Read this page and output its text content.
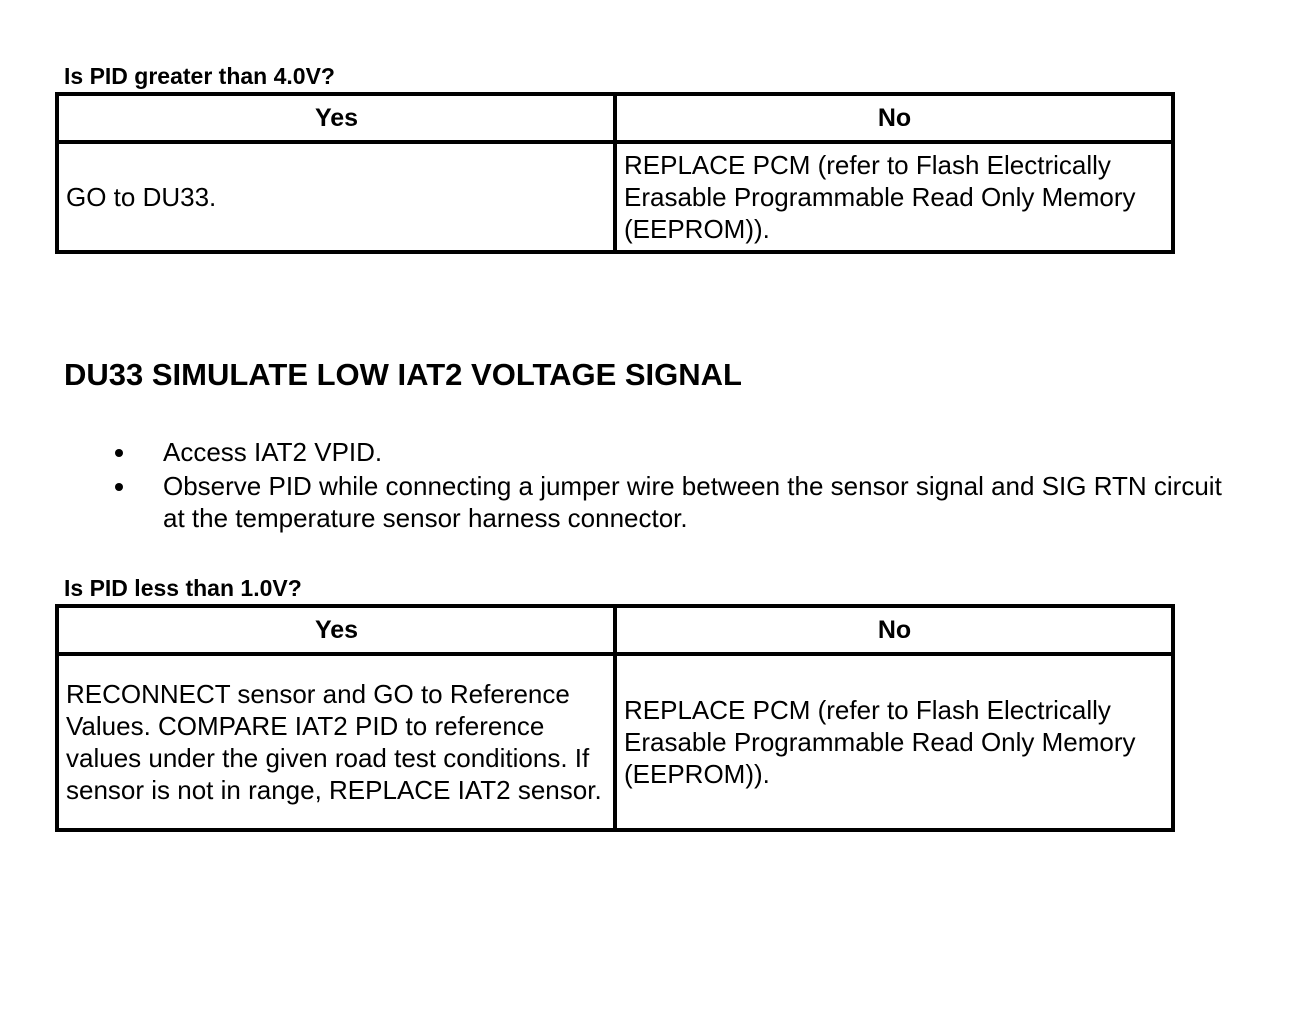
Is PID greater than 4.0V?
Yes	No
GO to DU33.	REPLACE PCM (refer to Flash Electrically Erasable Programmable Read Only Memory (EEPROM)).
DU33 SIMULATE LOW IAT2 VOLTAGE SIGNAL
Access IAT2 VPID.
Observe PID while connecting a jumper wire between the sensor signal and SIG RTN circuit at the temperature sensor harness connector.
Is PID less than 1.0V?
Yes	No
RECONNECT sensor and GO to Reference Values. COMPARE IAT2 PID to reference values under the given road test conditions. If sensor is not in range, REPLACE IAT2 sensor.	REPLACE PCM (refer to Flash Electrically Erasable Programmable Read Only Memory (EEPROM)).
